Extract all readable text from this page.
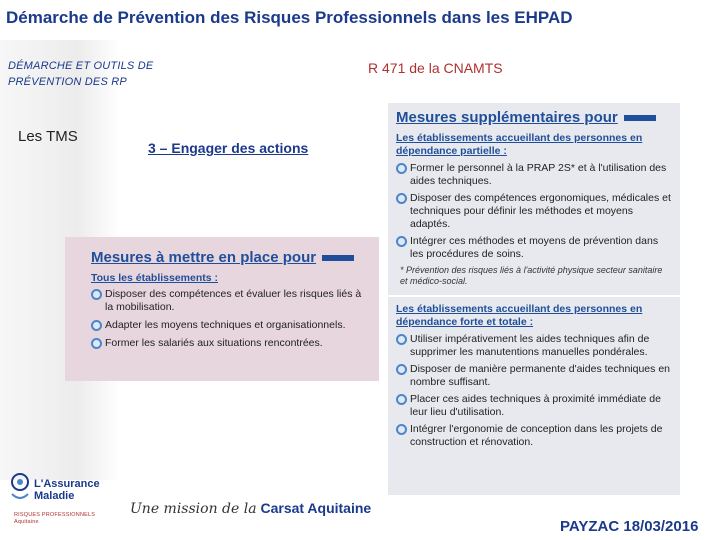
Démarche de Prévention des Risques Professionnels dans les EHPAD
DÉMARCHE ET OUTILS DE
PRÉVENTION DES RP
Les TMS
R 471 de la CNAMTS
3 – Engager des actions
Mesures à mettre en place pour
Tous les établissements :
Disposer des compétences et évaluer les risques liés à la mobilisation.
Adapter les moyens techniques et organisationnels.
Former les salariés aux situations rencontrées.
Mesures supplémentaires pour
Les établissements accueillant des personnes en dépendance partielle :
Former le personnel à la PRAP 2S* et à l'utilisation des aides techniques.
Disposer des compétences ergonomiques, médicales et techniques pour définir les méthodes et moyens adaptés.
Intégrer ces méthodes et moyens de prévention dans les procédures de soins.
* Prévention des risques liés à l'activité physique secteur sanitaire et médico-social.
Les établissements accueillant des personnes en dépendance forte et totale :
Utiliser impérativement les aides techniques afin de supprimer les manutentions manuelles pondérales.
Disposer de manière permanente d'aides techniques en nombre suffisant.
Placer ces aides techniques à proximité immédiate de leur lieu d'utilisation.
Intégrer l'ergonomie de conception dans les projets de construction et rénovation.
L'Assurance
Maladie
RISQUES PROFESSIONNELS
Aquitaine
Une mission de la Carsat Aquitaine
PAYZAC 18/03/2016
